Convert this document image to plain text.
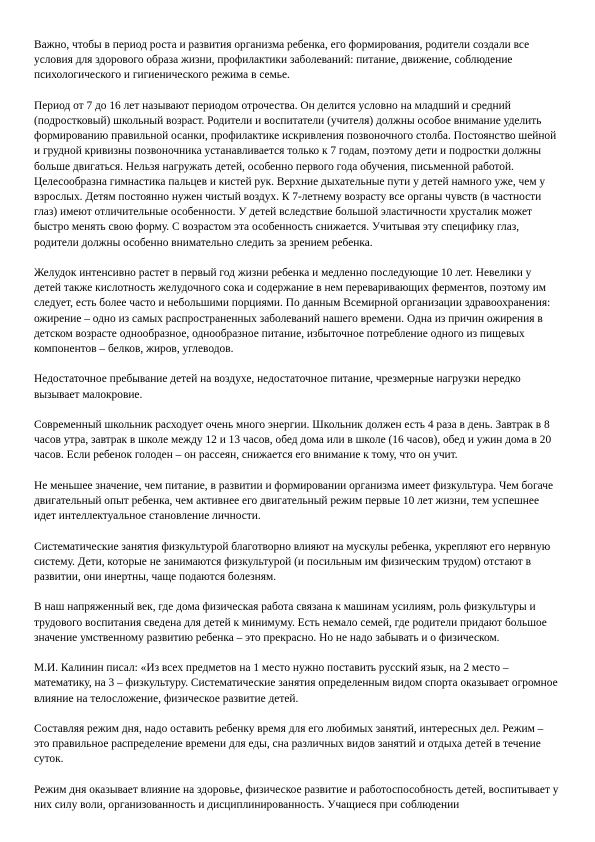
Важно, чтобы в период роста и развития организма ребенка, его формирования, родители создали все условия для здорового образа жизни, профилактики заболеваний: питание, движение, соблюдение психологического и гигиенического режима в семье.

Период от 7 до 16 лет называют периодом отрочества. Он делится условно на младший и средний (подростковый) школьный возраст. Родители и воспитатели (учителя) должны особое внимание уделить формированию правильной осанки, профилактике искривления позвоночного столба. Постоянство шейной и грудной кривизны позвоночника устанавливается только к 7 годам, поэтому дети и подростки должны больше двигаться. Нельзя нагружать детей, особенно первого года обучения, письменной работой. Целесообразна гимнастика пальцев и кистей рук. Верхние дыхательные пути у детей намного уже, чем у взрослых. Детям постоянно нужен чистый воздух. К 7-летнему возрасту все органы чувств (в частности глаз) имеют отличительные особенности. У детей вследствие большой эластичности хрусталик может быстро менять свою форму. С возрастом эта особенность снижается. Учитывая эту специфику глаз, родители должны особенно внимательно следить за зрением ребенка.

Желудок интенсивно растет в первый год жизни ребенка и медленно последующие 10 лет. Невелики у детей также кислотность желудочного сока и содержание в нем переваривающих ферментов, поэтому им следует, есть более часто и небольшими порциями. По данным Всемирной организации здравоохранения: ожирение – одно из самых распространенных заболеваний нашего времени. Одна из причин ожирения в детском возрасте однообразное, однообразное питание, избыточное потребление одного из пищевых компонентов – белков, жиров, углеводов.

Недостаточное пребывание детей на воздухе, недостаточное питание, чрезмерные нагрузки нередко вызывает малокровие.

Современный школьник расходует очень много энергии. Школьник должен есть 4 раза в день. Завтрак в 8 часов утра, завтрак в школе между 12 и 13 часов, обед дома или в школе (16 часов), обед и ужин дома в 20 часов. Если ребенок голоден – он рассеян, снижается его внимание к тому, что он учит.

Не меньшее значение, чем питание, в развитии и формировании организма имеет физкультура. Чем богаче двигательный опыт ребенка, чем активнее его двигательный режим первые 10 лет жизни, тем успешнее идет интеллектуальное становление личности.

Систематические занятия физкультурой благотворно влияют на мускулы ребенка, укрепляют его нервную систему. Дети, которые не занимаются физкультурой (и посильным им физическим трудом) отстают в развитии, они инертны, чаще подаются болезням.

В наш напряженный век, где дома физическая работа связана к машинам усилиям, роль физкультуры и трудового воспитания сведена для детей к минимуму. Есть немало семей, где родители придают большое значение умственному развитию ребенка – это прекрасно. Но не надо забывать и о физическом.

М.И. Калинин писал: «Из всех предметов на 1 место нужно поставить русский язык, на 2 место – математику, на 3 – физкультуру. Систематические занятия определенным видом спорта оказывает огромное влияние на телосложение, физическое развитие детей.

Составляя режим дня, надо оставить ребенку время для его любимых занятий, интересных дел. Режим – это правильное распределение времени для еды, сна различных видов занятий и отдыха детей в течение суток.

Режим дня оказывает влияние на здоровье, физическое развитие и работоспособность детей, воспитывает у них силу воли, организованность и дисциплинированность. Учащиеся при соблюдении
